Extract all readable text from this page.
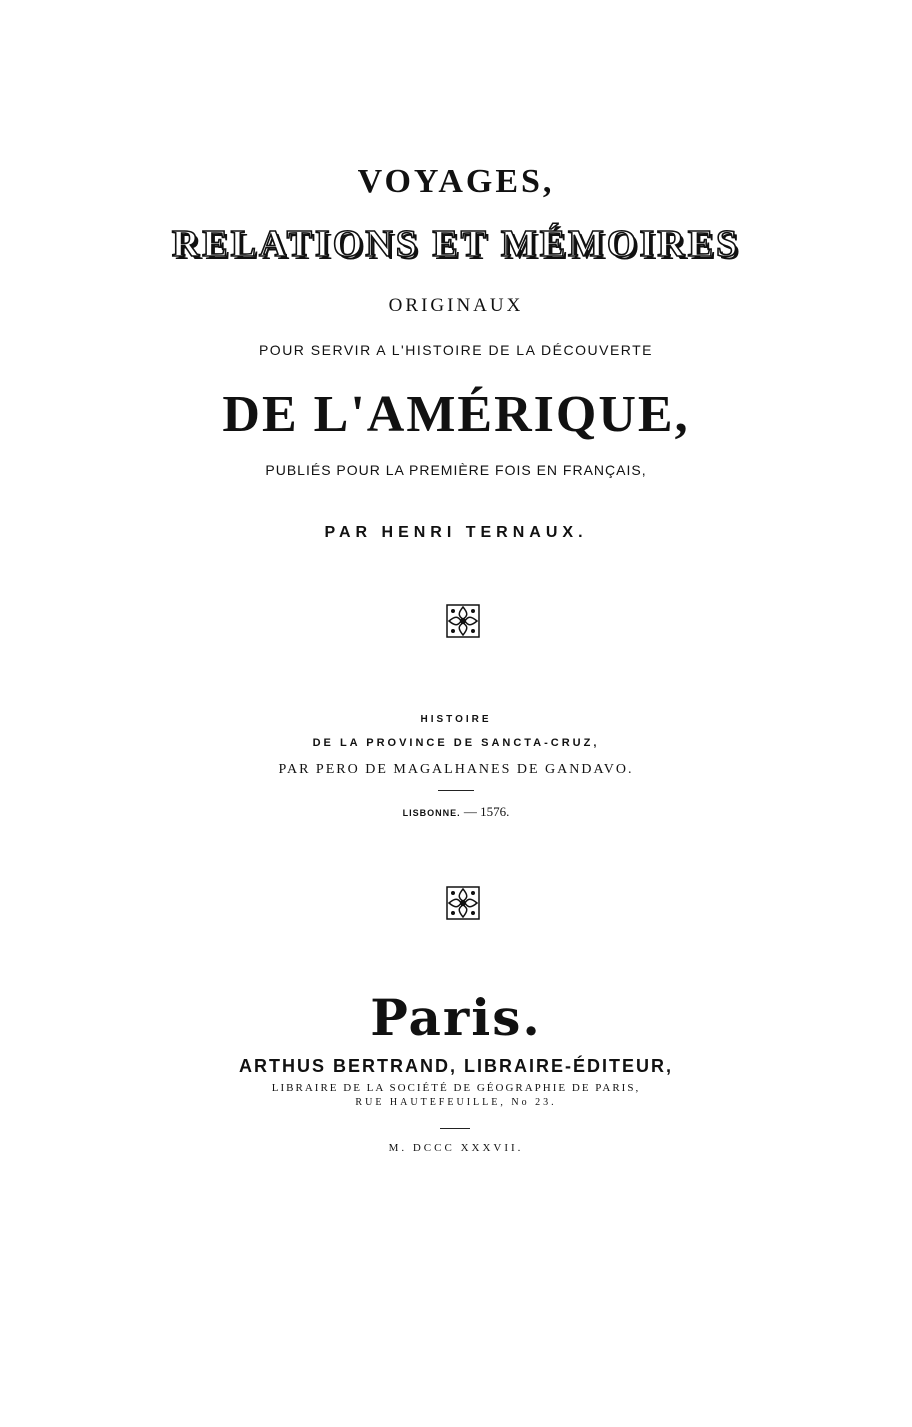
VOYAGES,
RELATIONS ET MÉMOIRES
ORIGINAUX
POUR SERVIR A L'HISTOIRE DE LA DÉCOUVERTE
DE L'AMÉRIQUE,
PUBLIÉS POUR LA PREMIÈRE FOIS EN FRANÇAIS,
PAR HENRI TERNAUX.
HISTOIRE
DE LA PROVINCE DE SANCTA-CRUZ,
PAR PERO DE MAGALHANES DE GANDAVO.
LISBONNE. — 1576.
Paris.
ARTHUS BERTRAND, LIBRAIRE-ÉDITEUR,
LIBRAIRE DE LA SOCIÉTÉ DE GÉOGRAPHIE DE PARIS,
RUE HAUTEFEUILLE, No 23.
M. DCCC XXXVII.
